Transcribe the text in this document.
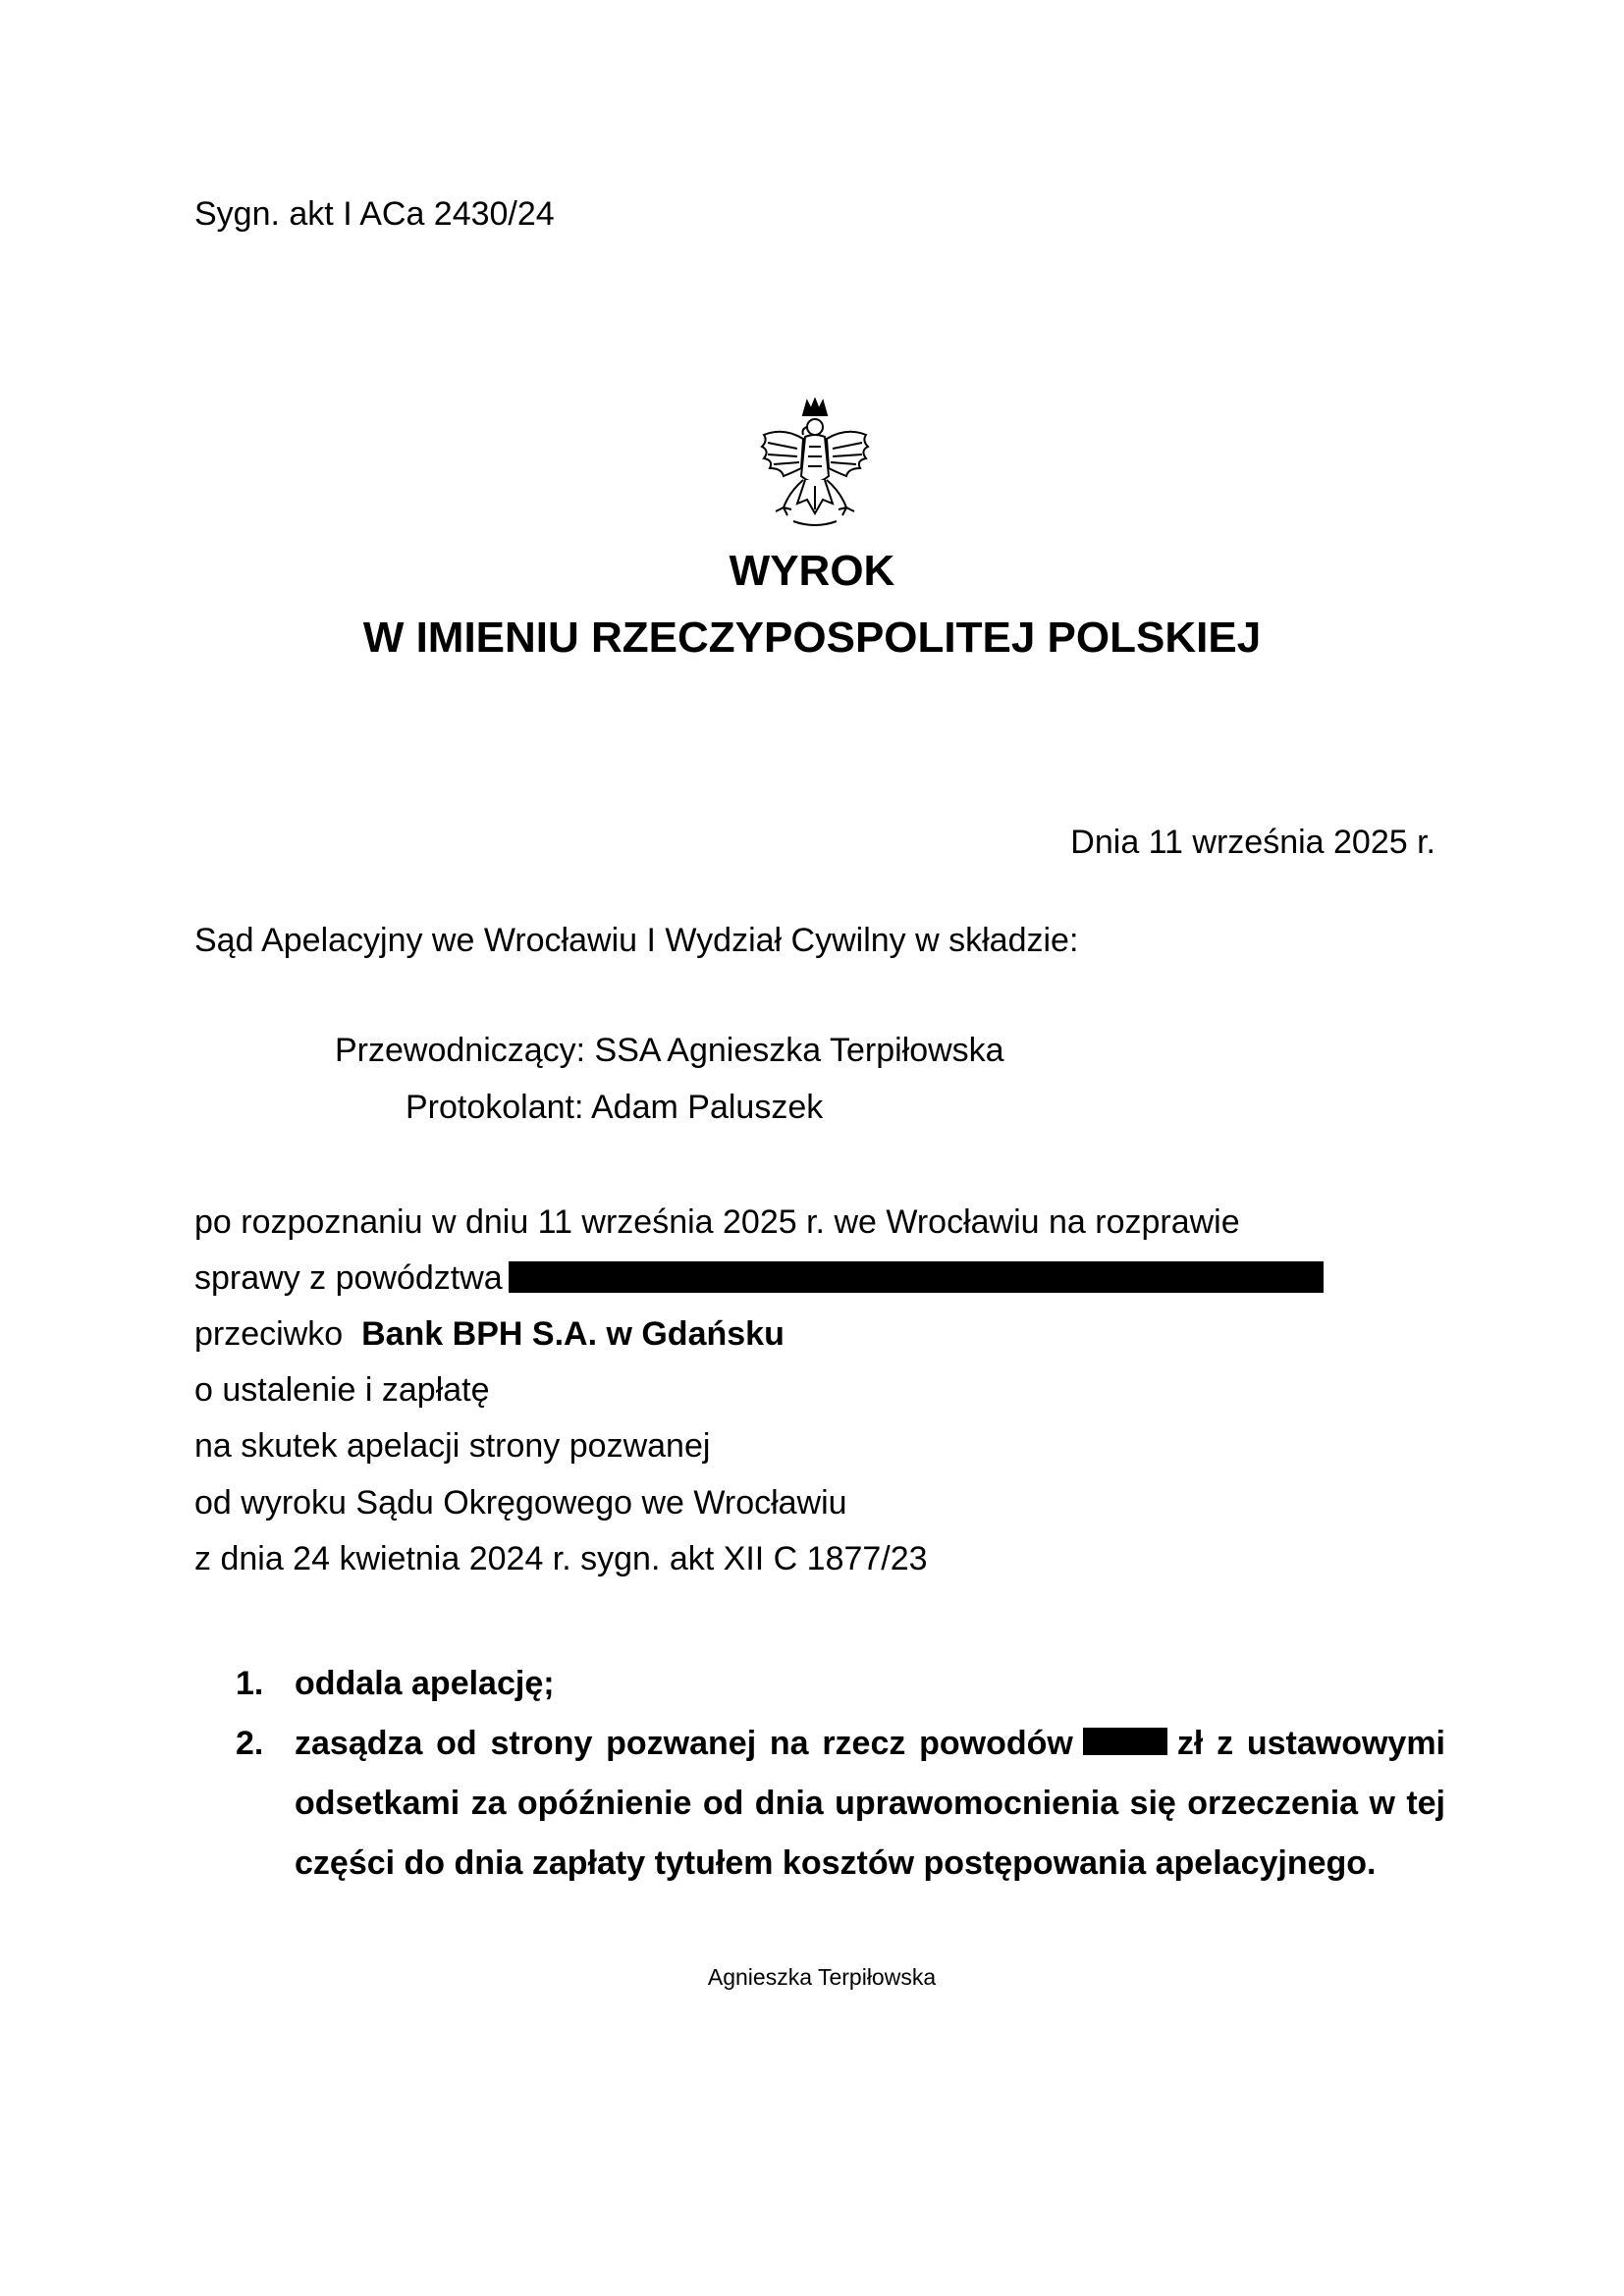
Sygn. akt I ACa 2430/24
WYROK
W IMIENIU RZECZYPOSPOLITEJ POLSKIEJ
Dnia 11 września 2025 r.
Sąd Apelacyjny we Wrocławiu I Wydział Cywilny w składzie:
Przewodniczący: SSA Agnieszka Terpiłowska
Protokolant: Adam Paluszek
po rozpoznaniu w dniu 11 września 2025 r. we Wrocławiu na rozprawie
sprawy z powództwa
przeciwko Bank BPH S.A. w Gdańsku
o ustalenie i zapłatę
na skutek apelacji strony pozwanej
od wyroku Sądu Okręgowego we Wrocławiu
z dnia 24 kwietnia 2024 r. sygn. akt XII C 1877/23
1. oddala apelację;
2. zasądza od strony pozwanej na rzecz powodów	zł z ustawowymi odsetkami za opóźnienie od dnia uprawomocnienia się orzeczenia w tej części do dnia zapłaty tytułem kosztów postępowania apelacyjnego.
Agnieszka Terpiłowska
